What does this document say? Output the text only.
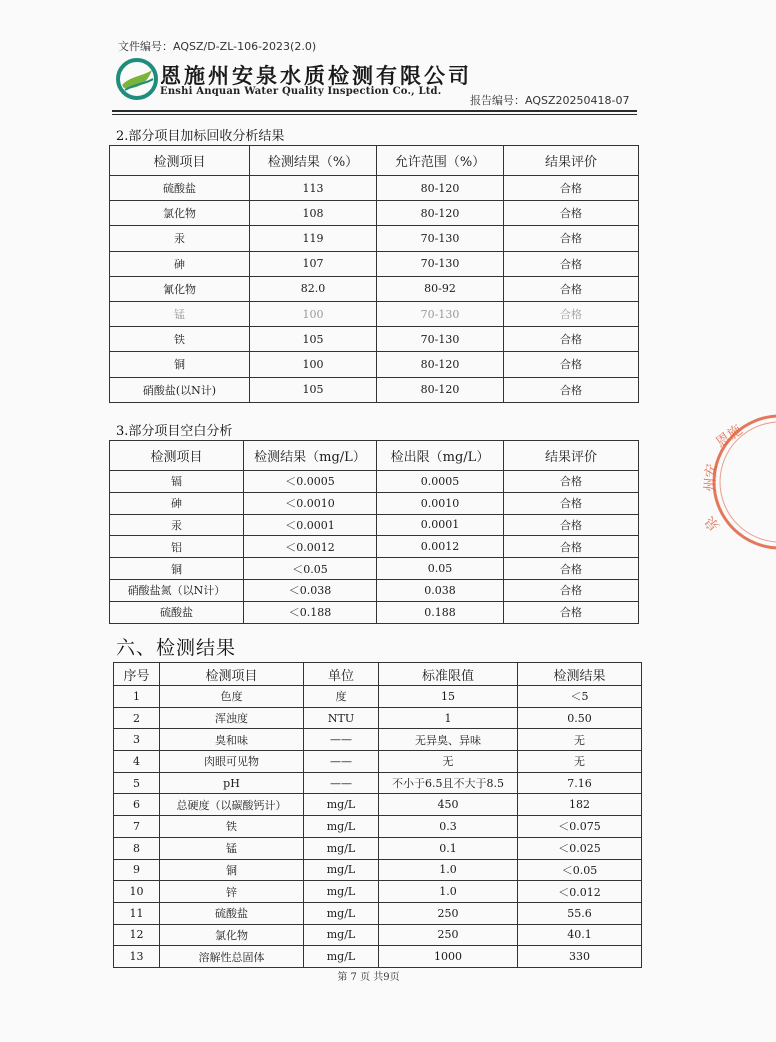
文件编号：AQSZ/D-ZL-106-2023(2.0)
恩施州安泉水质检测有限公司
Enshi Anquan Water Quality Inspection Co., Ltd.
报告编号：AQSZ20250418-07
2.部分项目加标回收分析结果
检测项目	检测结果（%）	允许范围（%）	结果评价
硫酸盐	113	80-120	合格
氯化物	108	80-120	合格
汞	119	70-130	合格
砷	107	70-130	合格
氰化物	82.0	80-92	合格
锰	100	70-130	合格
铁	105	70-130	合格
铜	100	80-120	合格
硝酸盐(以N计)	105	80-120	合格
3.部分项目空白分析
检测项目	检测结果（mg/L）	检出限（mg/L）	结果评价
镉	＜0.0005	0.0005	合格
砷	＜0.0010	0.0010	合格
汞	＜0.0001	0.0001	合格
铝	＜0.0012	0.0012	合格
铜	＜0.05	0.05	合格
硝酸盐氮（以N计）	＜0.038	0.038	合格
硫酸盐	＜0.188	0.188	合格
六、检测结果
序号	检测项目	单位	标准限值	检测结果
1	色度	度	15	＜5
2	浑浊度	NTU	1	0.50
3	臭和味	——	无异臭、异味	无
4	肉眼可见物	——	无	无
5	pH	——	不小于6.5且不大于8.5	7.16
6	总硬度（以碳酸钙计）	mg/L	450	182
7	铁	mg/L	0.3	＜0.075
8	锰	mg/L	0.1	＜0.025
9	铜	mg/L	1.0	＜0.05
10	锌	mg/L	1.0	＜0.012
11	硫酸盐	mg/L	250	55.6
12	氯化物	mg/L	250	40.1
13	溶解性总固体	mg/L	1000	330
第 7 页 共9页
恩施
州安
泉
